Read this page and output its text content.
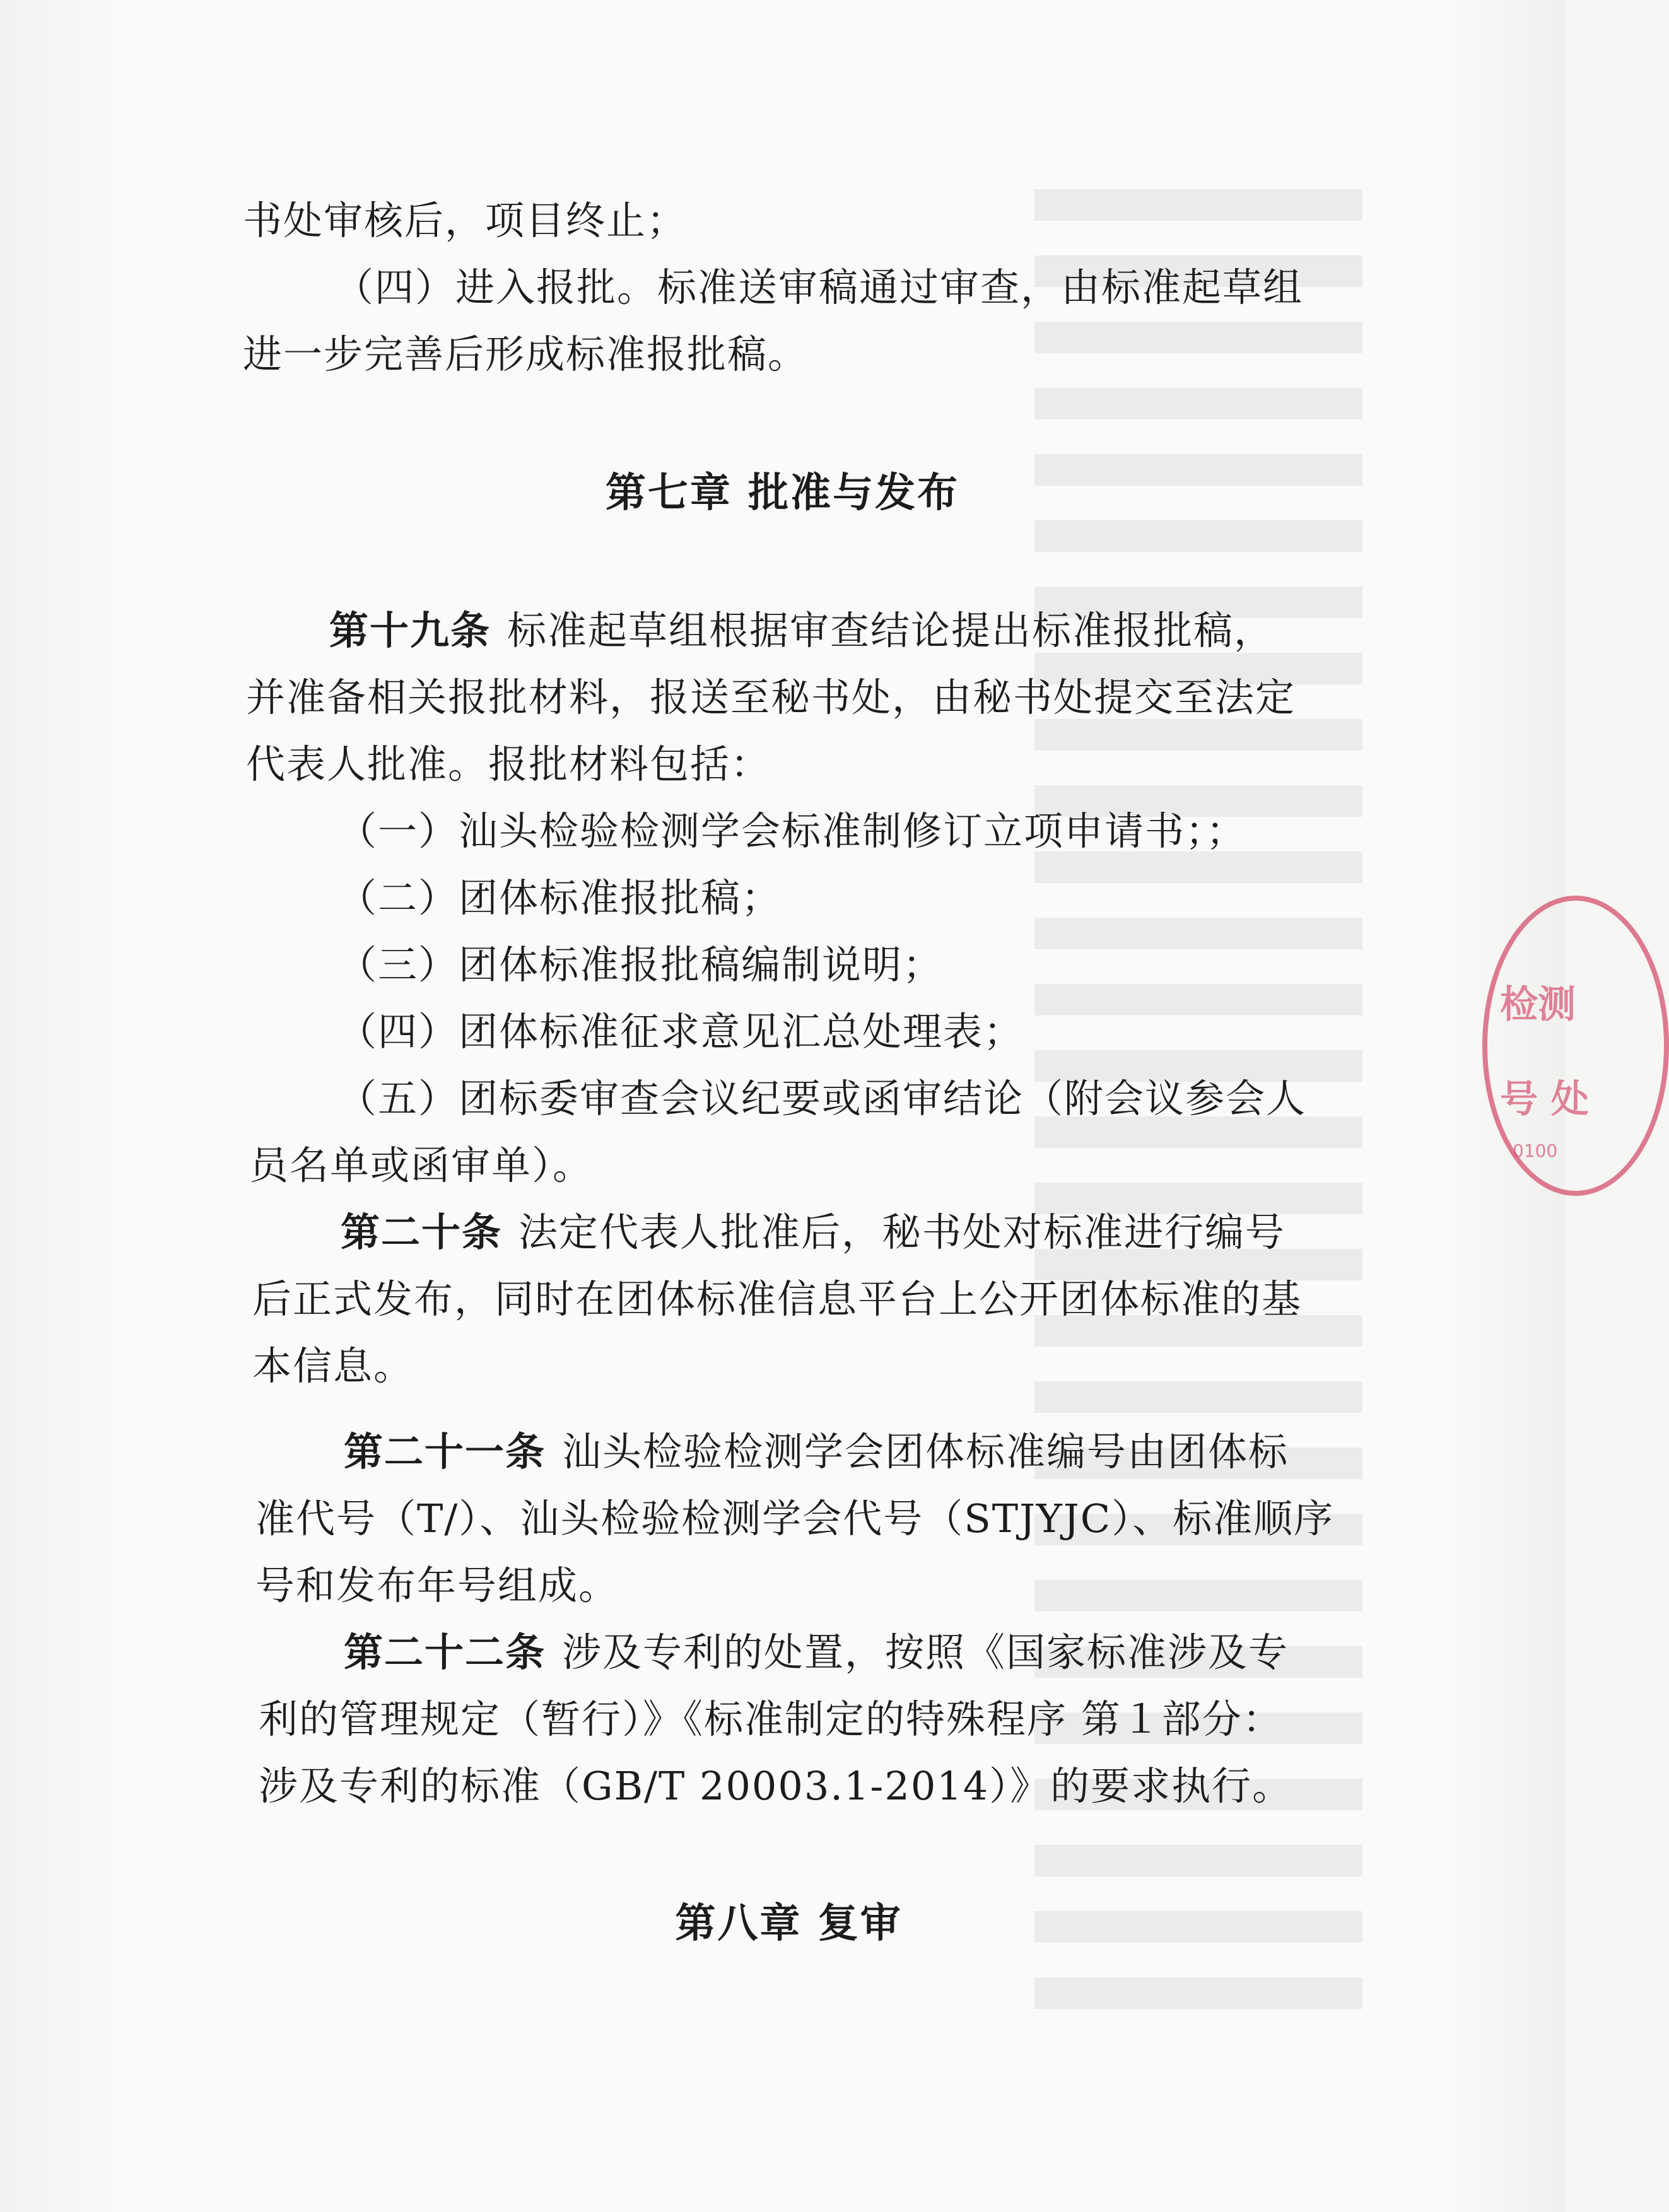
书处审核后，项目终止；
（四）进入报批。标准送审稿通过审查，由标准起草组
进一步完善后形成标准报批稿。
第七章 批准与发布
第十九条 标准起草组根据审查结论提出标准报批稿，
并准备相关报批材料，报送至秘书处，由秘书处提交至法定
代表人批准。报批材料包括：
（一）汕头检验检测学会标准制修订立项申请书；；
（二）团体标准报批稿；
（三）团体标准报批稿编制说明；
（四）团体标准征求意见汇总处理表；
（五）团标委审查会议纪要或函审结论（附会议参会人
员名单或函审单）。
第二十条 法定代表人批准后，秘书处对标准进行编号
后正式发布，同时在团体标准信息平台上公开团体标准的基
本信息。
第二十一条 汕头检验检测学会团体标准编号由团体标
准代号（T/）、汕头检验检测学会代号（STJYJC）、标准顺序
号和发布年号组成。
第二十二条 涉及专利的处置，按照《国家标准涉及专
利的管理规定（暂行）》《标准制定的特殊程序 第１部分：
涉及专利的标准（GB/T 20003.1-2014）》的要求执行。
第八章 复审
检测
号 处
0100
